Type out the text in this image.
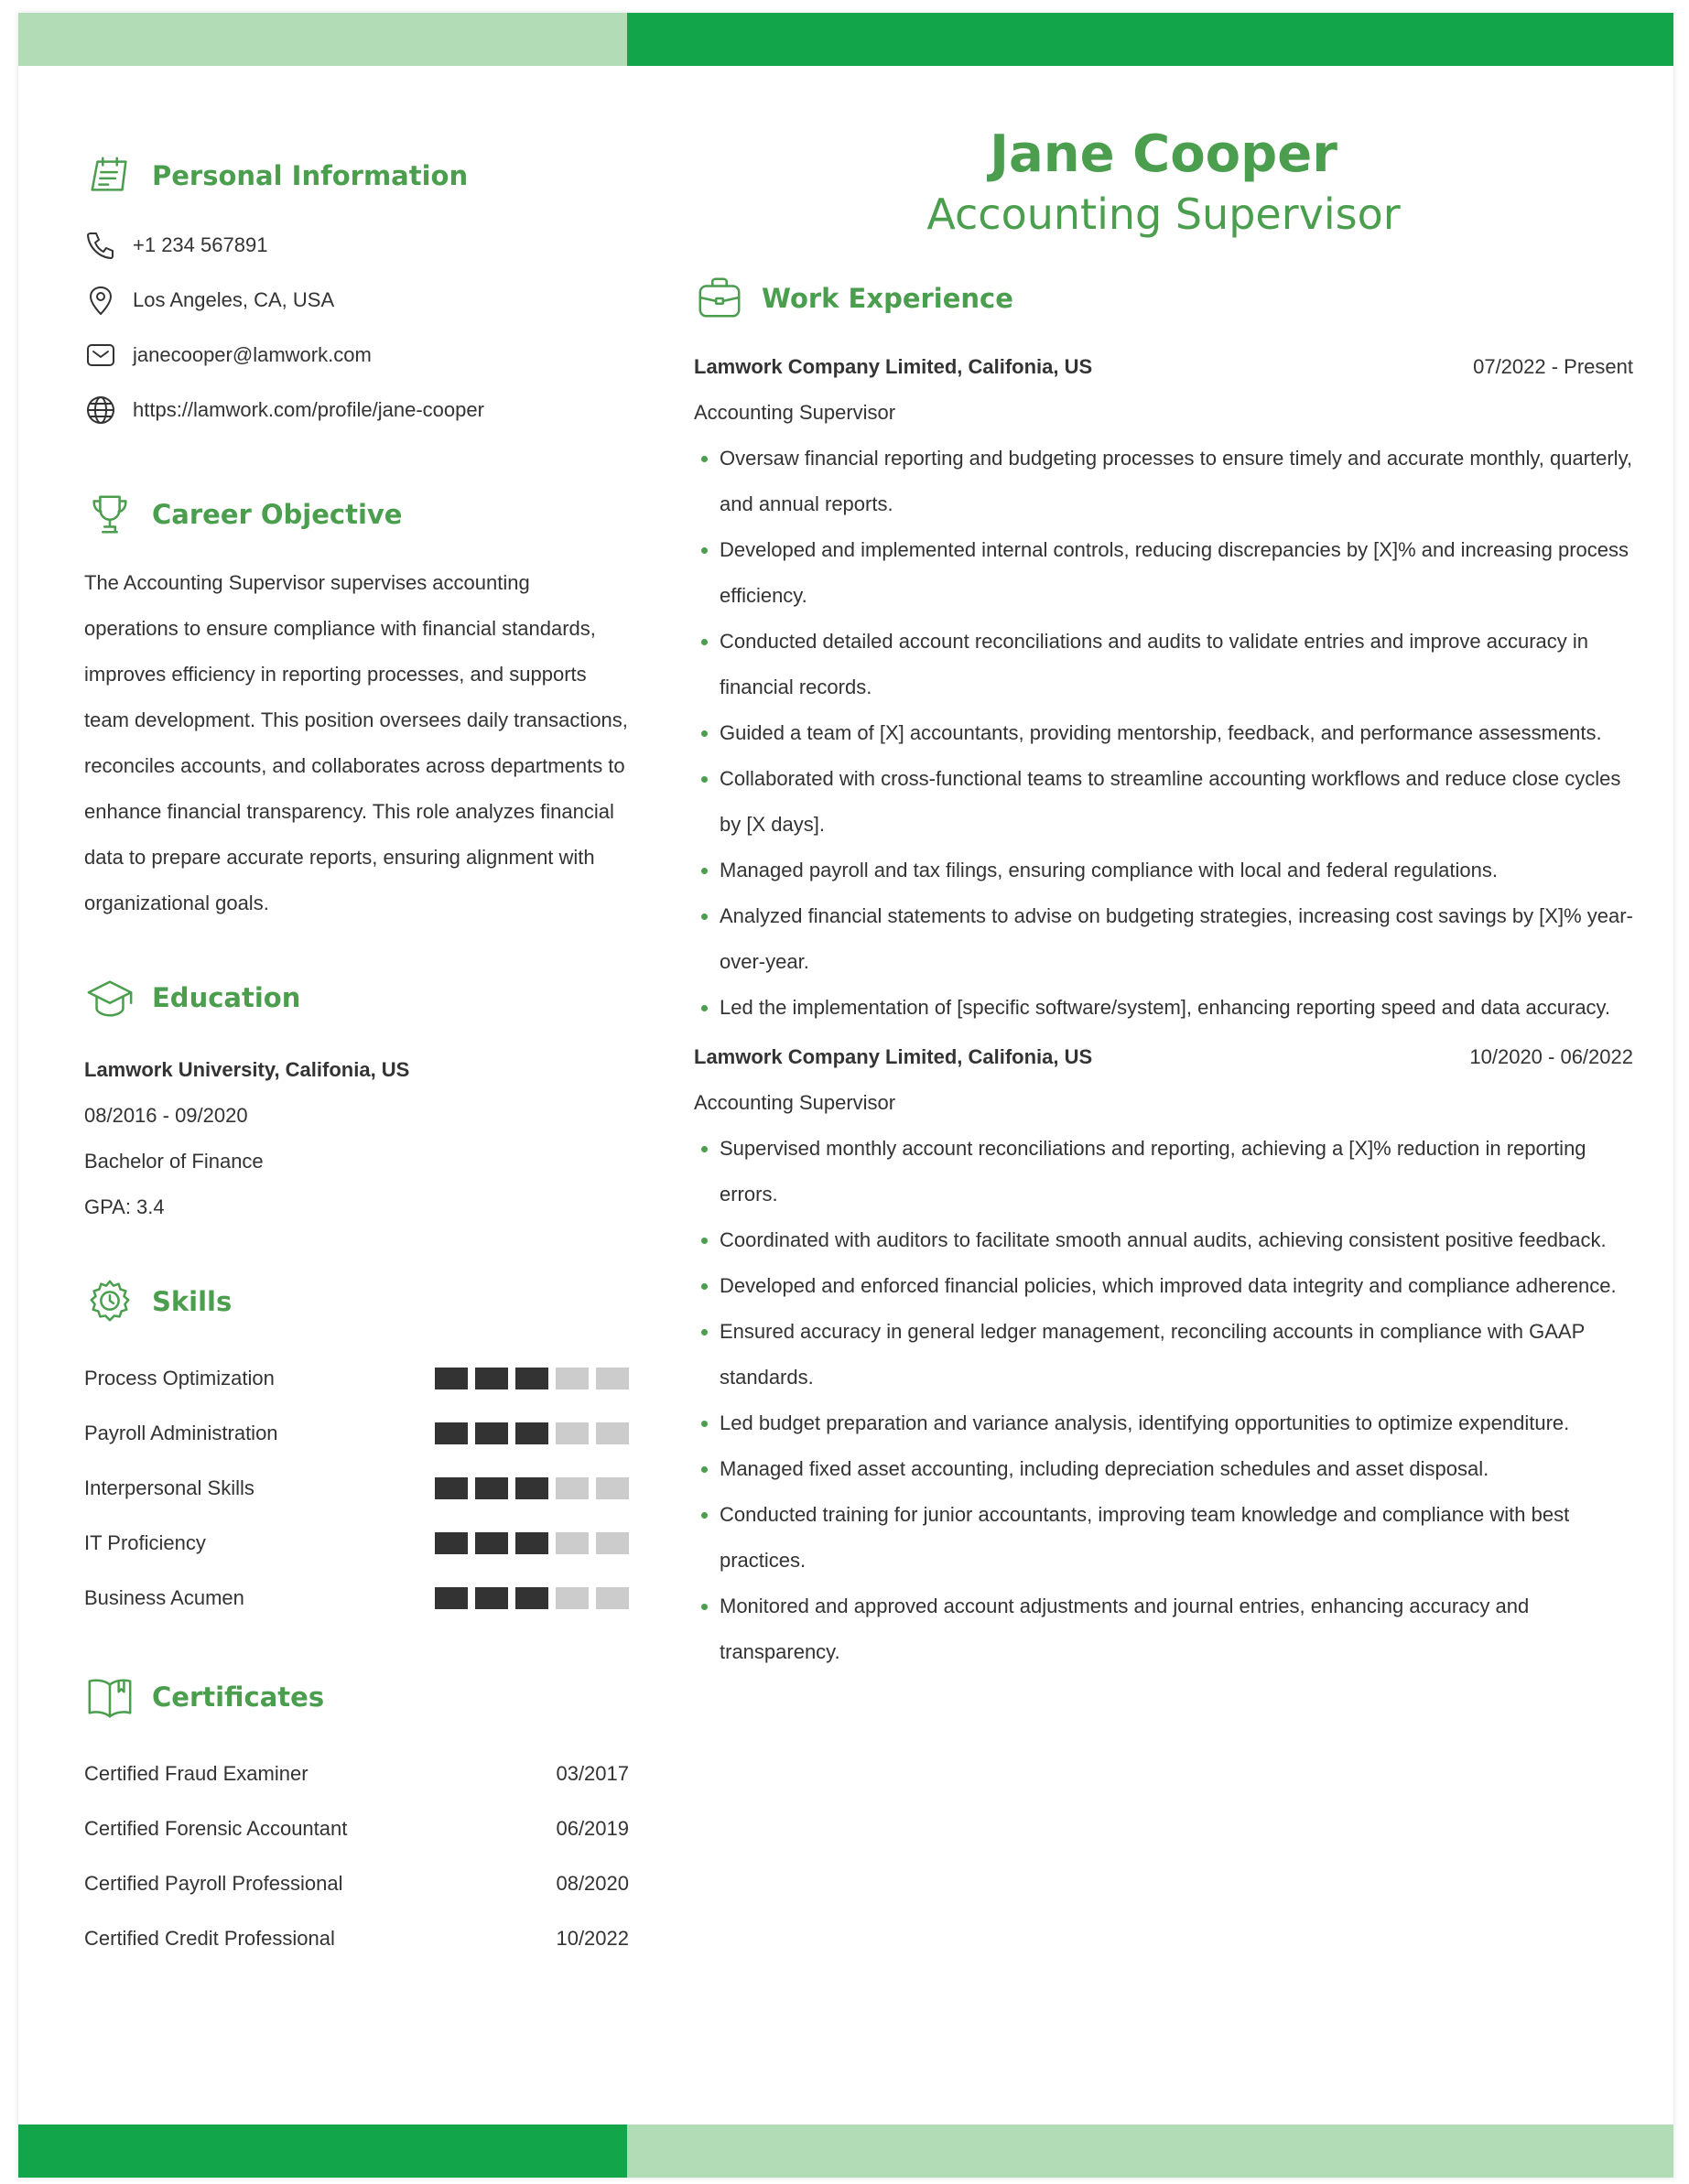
Personal Information
+1 234 567891
Los Angeles, CA, USA
janecooper@lamwork.com
https://lamwork.com/profile/jane-cooper
Career Objective

The Accounting Supervisor supervises accounting operations to ensure compliance with financial standards, improves efficiency in reporting processes, and supports team development. This position oversees daily transactions, reconciles accounts, and collaborates across departments to enhance financial transparency. This role analyzes financial data to prepare accurate reports, ensuring alignment with organizational goals.

Education
Lamwork University, Califonia, US
08/2016 - 09/2020
Bachelor of Finance
GPA: 3.4
Skills
Process Optimization
Payroll Administration
Interpersonal Skills
IT Proficiency
Business Acumen
Certificates
Certified Fraud Examiner	03/2017
Certified Forensic Accountant	06/2019
Certified Payroll Professional	08/2020
Certified Credit Professional	10/2022
Jane Cooper
Accounting Supervisor
Work Experience
Lamwork Company Limited, Califonia, US	07/2022 - Present
Accounting Supervisor
Oversaw financial reporting and budgeting processes to ensure timely and accurate monthly, quarterly, and annual reports.
Developed and implemented internal controls, reducing discrepancies by [X]% and increasing process efficiency.
Conducted detailed account reconciliations and audits to validate entries and improve accuracy in financial records.
Guided a team of [X] accountants, providing mentorship, feedback, and performance assessments.
Collaborated with cross-functional teams to streamline accounting workflows and reduce close cycles by [X days].
Managed payroll and tax filings, ensuring compliance with local and federal regulations.
Analyzed financial statements to advise on budgeting strategies, increasing cost savings by [X]% year-over-year.
Led the implementation of [specific software/system], enhancing reporting speed and data accuracy.
Lamwork Company Limited, Califonia, US	10/2020 - 06/2022
Accounting Supervisor
Supervised monthly account reconciliations and reporting, achieving a [X]% reduction in reporting errors.
Coordinated with auditors to facilitate smooth annual audits, achieving consistent positive feedback.
Developed and enforced financial policies, which improved data integrity and compliance adherence.
Ensured accuracy in general ledger management, reconciling accounts in compliance with GAAP standards.
Led budget preparation and variance analysis, identifying opportunities to optimize expenditure.
Managed fixed asset accounting, including depreciation schedules and asset disposal.
Conducted training for junior accountants, improving team knowledge and compliance with best practices.
Monitored and approved account adjustments and journal entries, enhancing accuracy and transparency.
